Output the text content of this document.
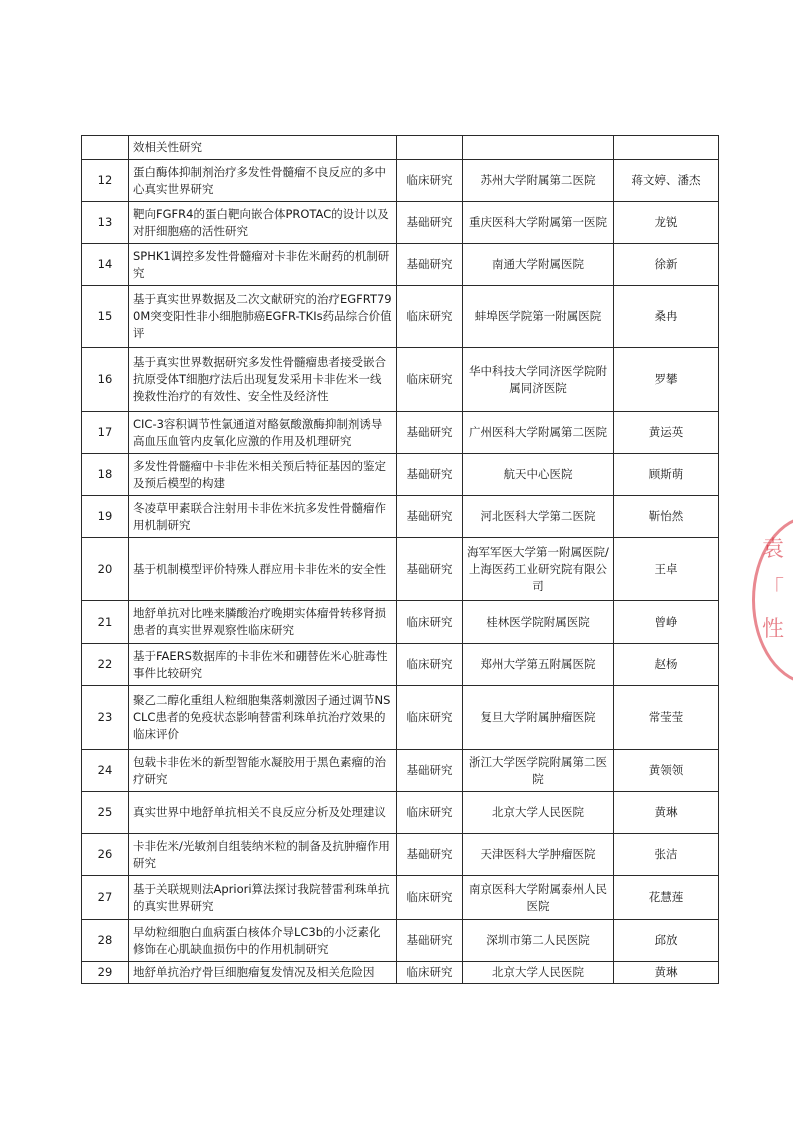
	效相关性研究			
12	蛋白酶体抑制剂治疗多发性骨髓瘤不良反应的多中心真实世界研究	临床研究	苏州大学附属第二医院	蒋文婷、潘杰
13	靶向FGFR4的蛋白靶向嵌合体PROTAC的设计以及对肝细胞癌的活性研究	基础研究	重庆医科大学附属第一医院	龙锐
14	SPHK1调控多发性骨髓瘤对卡非佐米耐药的机制研究	基础研究	南通大学附属医院	徐新
15	基于真实世界数据及二次文献研究的治疗EGFRT790M突变阳性非小细胞肺癌EGFR-TKIs药品综合价值评	临床研究	蚌埠医学院第一附属医院	桑冉
16	基于真实世界数据研究多发性骨髓瘤患者接受嵌合抗原受体T细胞疗法后出现复发采用卡非佐米一线挽救性治疗的有效性、安全性及经济性	临床研究	华中科技大学同济医学院附属同济医院	罗攀
17	CIC-3容积调节性氯通道对酪氨酸激酶抑制剂诱导高血压血管内皮氧化应激的作用及机理研究	基础研究	广州医科大学附属第二医院	黄运英
18	多发性骨髓瘤中卡非佐米相关预后特征基因的鉴定及预后模型的构建	基础研究	航天中心医院	顾斯萌
19	冬凌草甲素联合注射用卡非佐米抗多发性骨髓瘤作用机制研究	基础研究	河北医科大学第二医院	靳怡然
20	基于机制模型评价特殊人群应用卡非佐米的安全性	基础研究	海军军医大学第一附属医院/上海医药工业研究院有限公司	王卓
21	地舒单抗对比唑来膦酸治疗晚期实体瘤骨转移肾损患者的真实世界观察性临床研究	临床研究	桂林医学院附属医院	曾峥
22	基于FAERS数据库的卡非佐米和硼替佐米心脏毒性事件比较研究	临床研究	郑州大学第五附属医院	赵杨
23	聚乙二醇化重组人粒细胞集落刺激因子通过调节NSCLC患者的免疫状态影响替雷利珠单抗治疗效果的临床评价	临床研究	复旦大学附属肿瘤医院	常莹莹
24	包载卡非佐米的新型智能水凝胶用于黑色素瘤的治疗研究	基础研究	浙江大学医学院附属第二医院	黄领领
25	真实世界中地舒单抗相关不良反应分析及处理建议	临床研究	北京大学人民医院	黄琳
26	卡非佐米/光敏剂自组装纳米粒的制备及抗肿瘤作用研究	基础研究	天津医科大学肿瘤医院	张洁
27	基于关联规则法Apriori算法探讨我院替雷利珠单抗的真实世界研究	临床研究	南京医科大学附属泰州人民医院	花慧莲
28	早幼粒细胞白血病蛋白核体介导LC3b的小泛素化修饰在心肌缺血损伤中的作用机制研究	基础研究	深圳市第二人民医院	邱放
29	地舒单抗治疗骨巨细胞瘤复发情况及相关危险因	临床研究	北京大学人民医院	黄琳
袁
「
性
